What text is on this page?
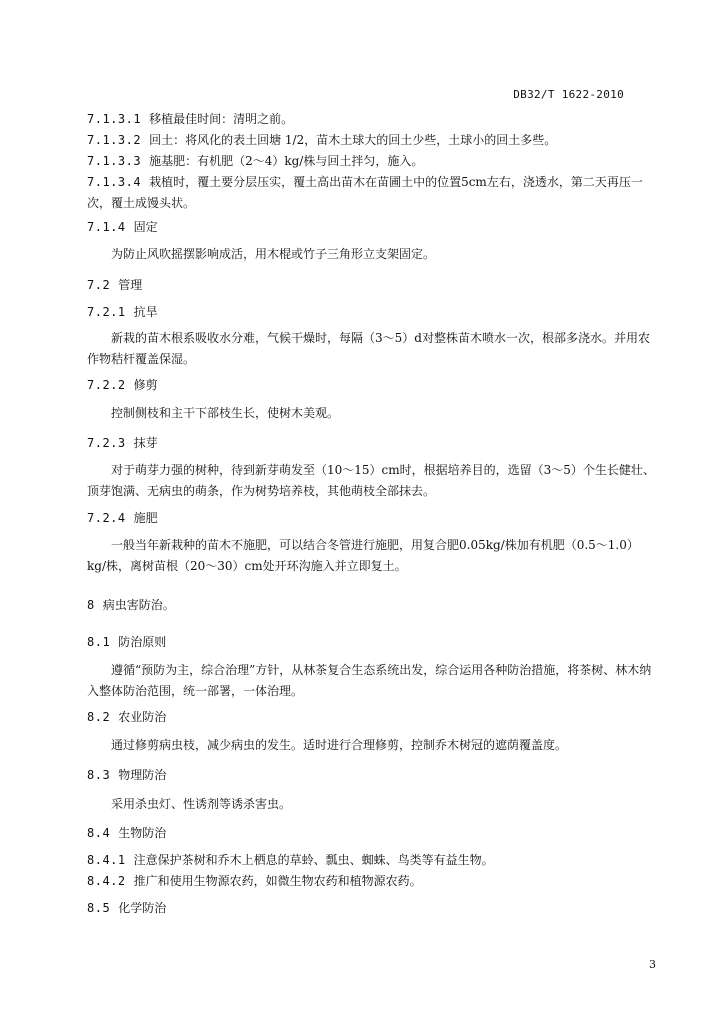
DB32/T 1622-2010
7.1.3.1 移植最佳时间：清明之前。
7.1.3.2 回土：将风化的表土回塘 1/2，苗木土球大的回土少些，土球小的回土多些。
7.1.3.3 施基肥：有机肥（2～4）kg/株与回土拌匀，施入。
7.1.3.4 栽植时，覆土要分层压实，覆土高出苗木在苗圃土中的位置5cm左右，浇透水，第二天再压一次，覆土成馒头状。
7.1.4 固定

为防止风吹摇摆影响成活，用木棍或竹子三角形立支架固定。

7.2 管理
7.2.1 抗旱

新栽的苗木根系吸收水分难，气候干燥时，每隔（3～5）d对整株苗木喷水一次，根部多浇水。并用农作物秸杆覆盖保湿。

7.2.2 修剪

控制侧枝和主干下部枝生长，使树木美观。

7.2.3 抹芽

对于萌芽力强的树种，待到新芽萌发至（10～15）cm时，根据培养目的，选留（3～5）个生长健壮、顶芽饱满、无病虫的萌条，作为树势培养枝，其他萌枝全部抹去。

7.2.4 施肥

一般当年新栽种的苗木不施肥，可以结合冬管进行施肥，用复合肥0.05kg/株加有机肥（0.5～1.0）kg/株，离树苗根（20～30）cm处开环沟施入并立即复土。

8 病虫害防治。
8.1 防治原则

遵循“预防为主，综合治理”方针，从林茶复合生态系统出发，综合运用各种防治措施，将茶树、林木纳入整体防治范围，统一部署，一体治理。

8.2 农业防治

通过修剪病虫枝，减少病虫的发生。适时进行合理修剪，控制乔木树冠的遮荫覆盖度。

8.3 物理防治

采用杀虫灯、性诱剂等诱杀害虫。

8.4 生物防治
8.4.1 注意保护茶树和乔木上栖息的草蛉、瓢虫、蜘蛛、鸟类等有益生物。
8.4.2 推广和使用生物源农药，如微生物农药和植物源农药。
8.5 化学防治
3
